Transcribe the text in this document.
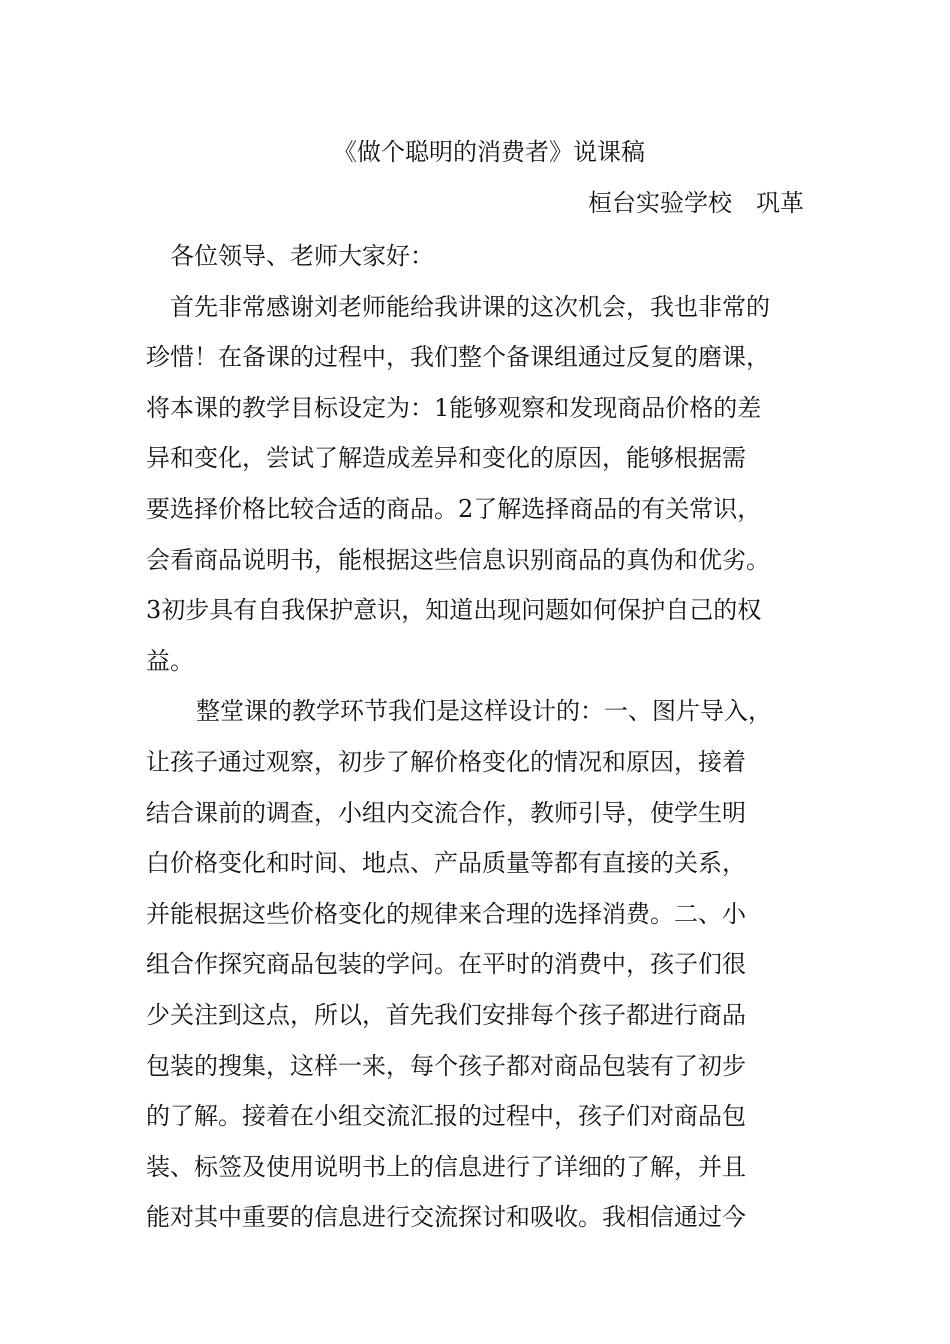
《做个聪明的消费者》说课稿
桓台实验学校　巩革
各位领导、老师大家好：
首先非常感谢刘老师能给我讲课的这次机会，我也非常的
珍惜！在备课的过程中，我们整个备课组通过反复的磨课，
将本课的教学目标设定为：1能够观察和发现商品价格的差
异和变化，尝试了解造成差异和变化的原因，能够根据需
要选择价格比较合适的商品。2了解选择商品的有关常识，
会看商品说明书，能根据这些信息识别商品的真伪和优劣。
3初步具有自我保护意识，知道出现问题如何保护自己的权
益。
整堂课的教学环节我们是这样设计的：一、图片导入，
让孩子通过观察，初步了解价格变化的情况和原因，接着
结合课前的调查，小组内交流合作，教师引导，使学生明
白价格变化和时间、地点、产品质量等都有直接的关系，
并能根据这些价格变化的规律来合理的选择消费。二、小
组合作探究商品包装的学问。在平时的消费中，孩子们很
少关注到这点，所以，首先我们安排每个孩子都进行商品
包装的搜集，这样一来，每个孩子都对商品包装有了初步
的了解。接着在小组交流汇报的过程中，孩子们对商品包
装、标签及使用说明书上的信息进行了详细的了解，并且
能对其中重要的信息进行交流探讨和吸收。我相信通过今
